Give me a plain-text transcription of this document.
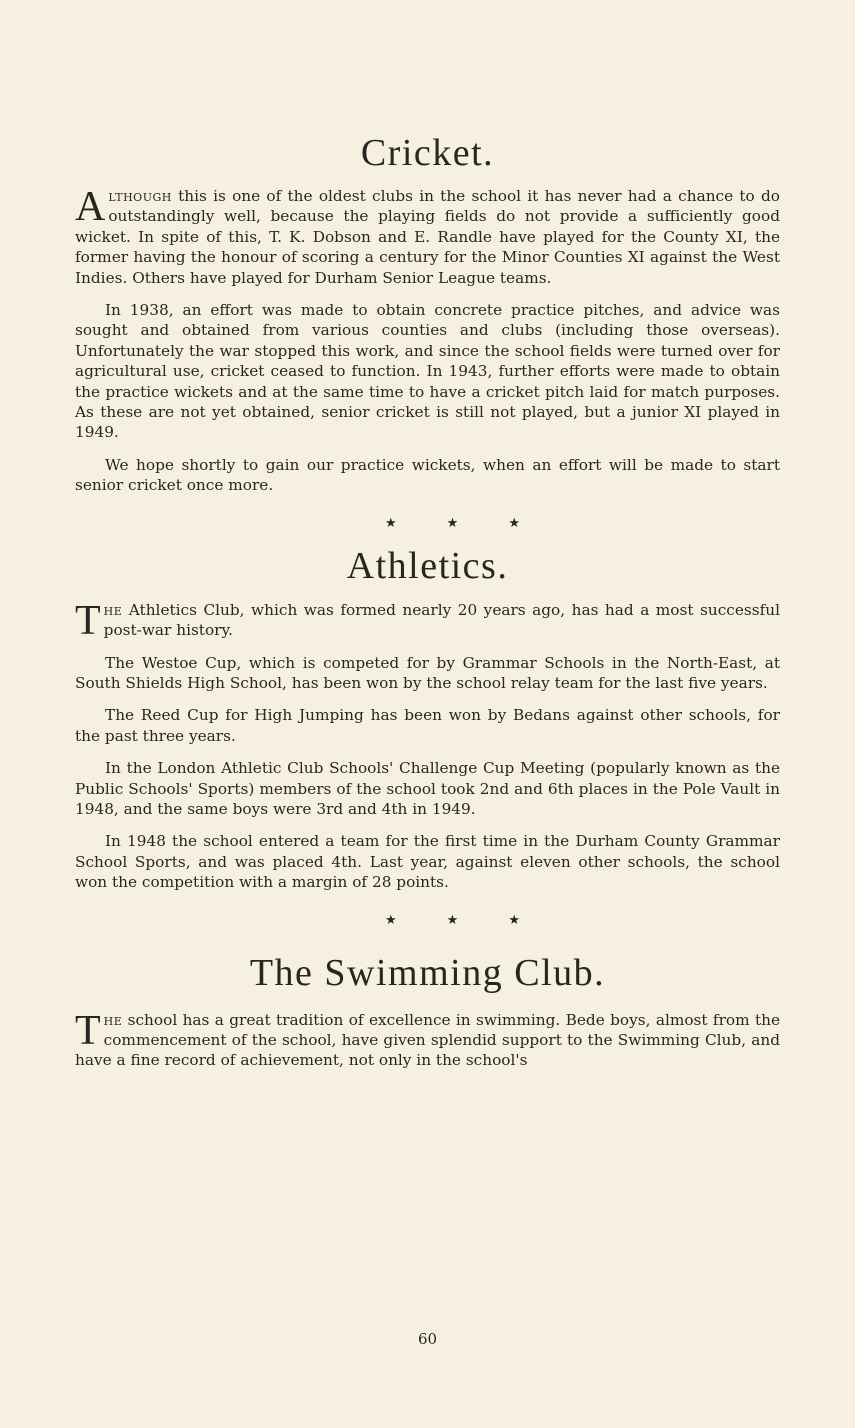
Cricket.

Although this is one of the oldest clubs in the school it has never had a chance to do outstandingly well, because the playing fields do not provide a sufficiently good wicket. In spite of this, T. K. Dobson and E. Randle have played for the County XI, the former having the honour of scoring a century for the Minor Counties XI against the West Indies. Others have played for Durham Senior League teams.

In 1938, an effort was made to obtain concrete practice pitches, and advice was sought and obtained from various counties and clubs (including those overseas). Unfortunately the war stopped this work, and since the school fields were turned over for agricultural use, cricket ceased to function. In 1943, further efforts were made to obtain the practice wickets and at the same time to have a cricket pitch laid for match purposes. As these are not yet obtained, senior cricket is still not played, but a junior XI played in 1949.

We hope shortly to gain our practice wickets, when an effort will be made to start senior cricket once more.

★	★	★
Athletics.

The Athletics Club, which was formed nearly 20 years ago, has had a most successful post-war history.

The Westoe Cup, which is competed for by Grammar Schools in the North-East, at South Shields High School, has been won by the school relay team for the last five years.

The Reed Cup for High Jumping has been won by Bedans against other schools, for the past three years.

In the London Athletic Club Schools' Challenge Cup Meeting (popularly known as the Public Schools' Sports) members of the school took 2nd and 6th places in the Pole Vault in 1948, and the same boys were 3rd and 4th in 1949.

In 1948 the school entered a team for the first time in the Durham County Grammar School Sports, and was placed 4th. Last year, against eleven other schools, the school won the competition with a margin of 28 points.

★	★	★
The Swimming Club.

The school has a great tradition of excellence in swimming. Bede boys, almost from the commencement of the school, have given splendid support to the Swimming Club, and have a fine record of achievement, not only in the school's

60
